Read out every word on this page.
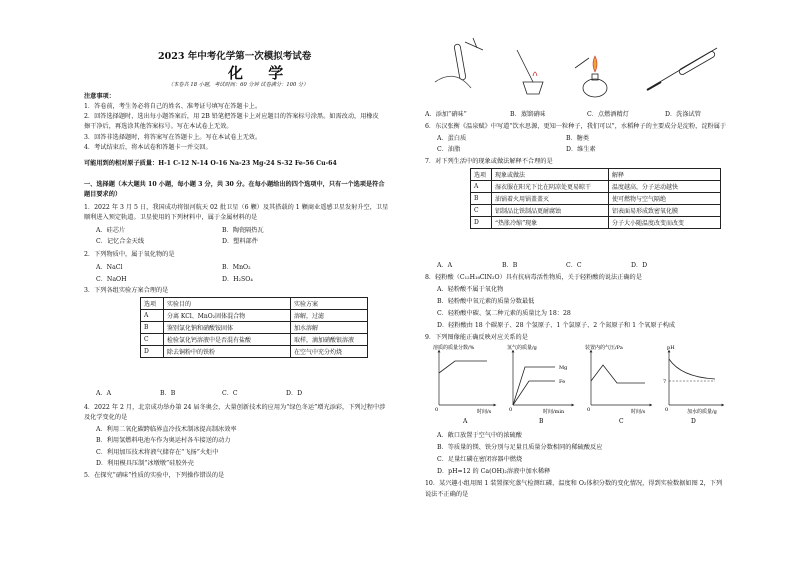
2023 年中考化学第一次模拟考试卷
化 学
（本卷共 18 小题，考试时间：60 分钟 试卷满分：100 分）
注意事项：
1．答卷前，考生务必将自己的姓名、准考证号填写在答题卡上。
2．回答选择题时，选出每小题答案后，用 2B 铅笔把答题卡上对应题目的答案标号涂黑。如需改动，用橡皮
擦干净后，再选涂其他答案标号。写在本试卷上无效。
3．回答非选择题时，将答案写在答题卡上。写在本试卷上无效。
4．考试结束后，将本试卷和答题卡一并交回。
可能用到的相对原子质量：H-1 C-12 N-14 O-16 Na-23 Mg-24 S-32 Fe-56 Cu-64
一、选择题（本大题共 10 小题，每小题 3 分，共 30 分。在每小题给出的四个选项中，只有一个选项是符合
题目要求的）
1．2022 年 3 月 5 日，我国成功将银河航天 02 批卫星（6 颗）及其搭载的 1 颗商业遥感卫星发射升空，卫星
顺利进入预定轨道。卫星使用的下列材料中，属于金属材料的是
A．硅芯片	B．陶瓷隔热瓦
C．记忆合金天线	D．塑料部件
2．下列物质中，属于氧化物的是
A．NaCl	B．MnO₂
C．NaOH	D．H₂SO₄
3．下列各组实验方案合理的是
选项	实验目的	实验方案
A	分离 KCl、MnO₂固体混合物	溶解，过滤
B	鉴别氯化钠和硝酸铵固体	加水溶解
C	检验氯化钙溶液中是否混有盐酸	取样，滴加硝酸银溶液
D	除去铜粉中的铁粉	在空气中充分灼烧
A．A	B．B	C．C	D．D
4．2022 年 2 月，北京成功举办第 24 届冬奥会，大量创新技术的应用为“绿色冬运”增光添彩，下列过程中涉
及化学变化的是
A．利用二氧化碳跨临界直冷技术制冰提高制冰效率
B．利用氢燃料电池车作为奥运村各车接送的动力
C．利用加压技术将液气储存在“飞扬”火炬中
D．利用模具压制“冰墩墩”硅胶外壳
5．在探究“硝味”性质的实验中，下列操作错误的是
A．添加“硝味”	B．蒸馏硝味	C．点燃酒精灯	D．洗涤试管
6．东汉张衡《温泉赋》中写道“饮水思源，更知一粒种子，我们可以”，水稻种子的主要成分是淀粉，淀粉属于
A．蛋白质	B．糖类
C．油脂	D．维生素
7．对下列生活中的现象或做法解释不合理的是
选项	现象或做法	解释
A	湿衣服在阳光下比在阴凉处更易晾干	温度越高，分子运动越快
B	油锅着火用锅盖盖灭	使可燃物与空气隔绝
C	铝制品比铁制品更耐腐蚀	铝表面易形成致密氧化膜
D	“热胀冷缩”现象	分子大小随温度改变而改变
A．A	B．B	C．C	D．D
8．轻粉酸（C₁₂H₁₈ClN₂O）具有抗病毒活性物质，关于轻粉酸的说法正确的是
A．轻粉酸不属于氧化物
B．轻粉酸中氧元素的质量分数最低
C．轻粉酸中碳、氢二种元素的质量比为 18：28
D．轻粉酸由 18 个碳原子、28 个氢原子、1 个氯原子、2 个氮原子和 1 个氧原子构成
9．下列图像能正确反映对应关系的是
溶质的质量分数/%
时间/s
0
A
Mg
Fe
氢气的质量/g
时间/min
0
B
装置内的气压/Pa
时间/s
0
C
7
pH
加水的质量/g
0
D
A．敞口放置于空气中的浓硫酸
B．等质量的镁、铁分别与足量且质量分数相同的稀硫酸反应
C．足量红磷在密闭容器中燃烧
D．pH=12 的 Ca(OH)₂溶液中加水稀释
10．某兴趣小组用图 1 装置探究蒸气检测红磷、温度和 O₂体积分数的变化情况，得到实验数据如图 2，下列
说法不正确的是
